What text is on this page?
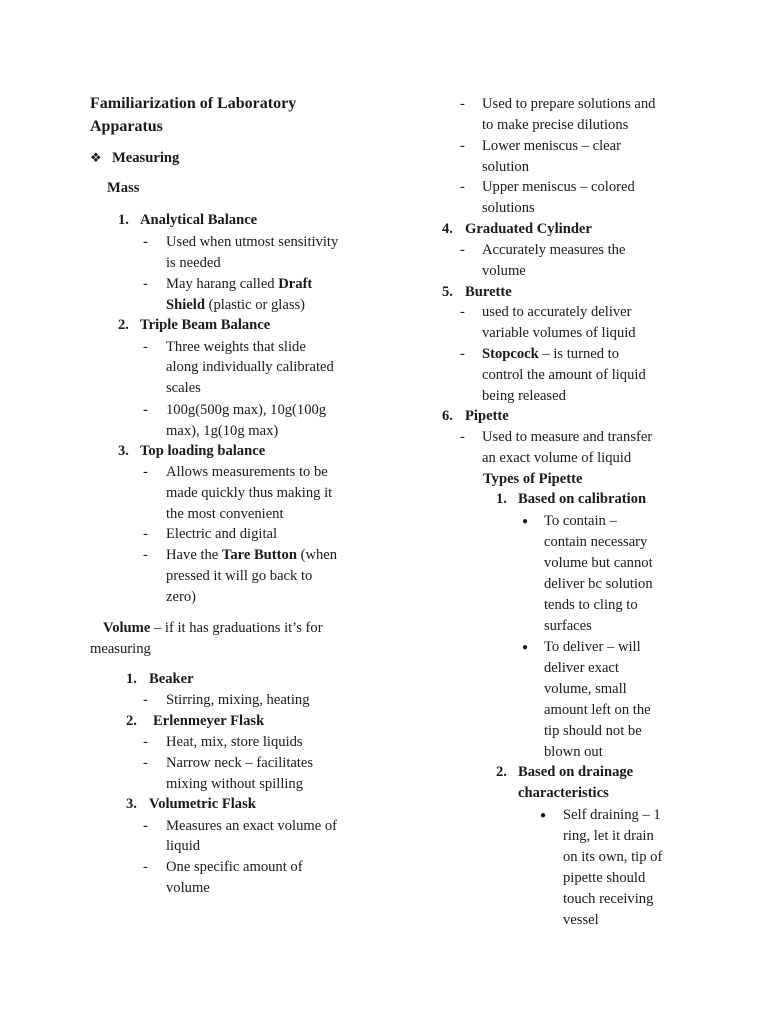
Familiarization of Laboratory Apparatus
❖ Measuring
Mass
1. Analytical Balance
- Used when utmost sensitivity
is needed
- May harang called Draft
Shield (plastic or glass)
2. Triple Beam Balance
- Three weights that slide
along individually calibrated
scales
- 100g(500g max), 10g(100g
max), 1g(10g max)
3. Top loading balance
- Allows measurements to be
made quickly thus making it
the most convenient
- Electric and digital
- Have the Tare Button (when
pressed it will go back to
zero)
Volume – if it has graduations it’s for
measuring
1. Beaker
- Stirring, mixing, heating
2. Erlenmeyer Flask
- Heat, mix, store liquids
- Narrow neck – facilitates
mixing without spilling
3. Volumetric Flask
- Measures an exact volume of
liquid
- One specific amount of
volume
- Used to prepare solutions and
to make precise dilutions
- Lower meniscus – clear
solution
- Upper meniscus – colored
solutions
4. Graduated Cylinder
- Accurately measures the
volume
5. Burette
- used to accurately deliver
variable volumes of liquid
- Stopcock – is turned to
control the amount of liquid
being released
6. Pipette
- Used to measure and transfer
an exact volume of liquid
Types of Pipette
1. Based on calibration
● To contain –
contain necessary
volume but cannot
deliver bc solution
tends to cling to
surfaces
● To deliver – will
deliver exact
volume, small
amount left on the
tip should not be
blown out
2. Based on drainage
characteristics
● Self draining – 1
ring, let it drain
on its own, tip of
pipette should
touch receiving
vessel
